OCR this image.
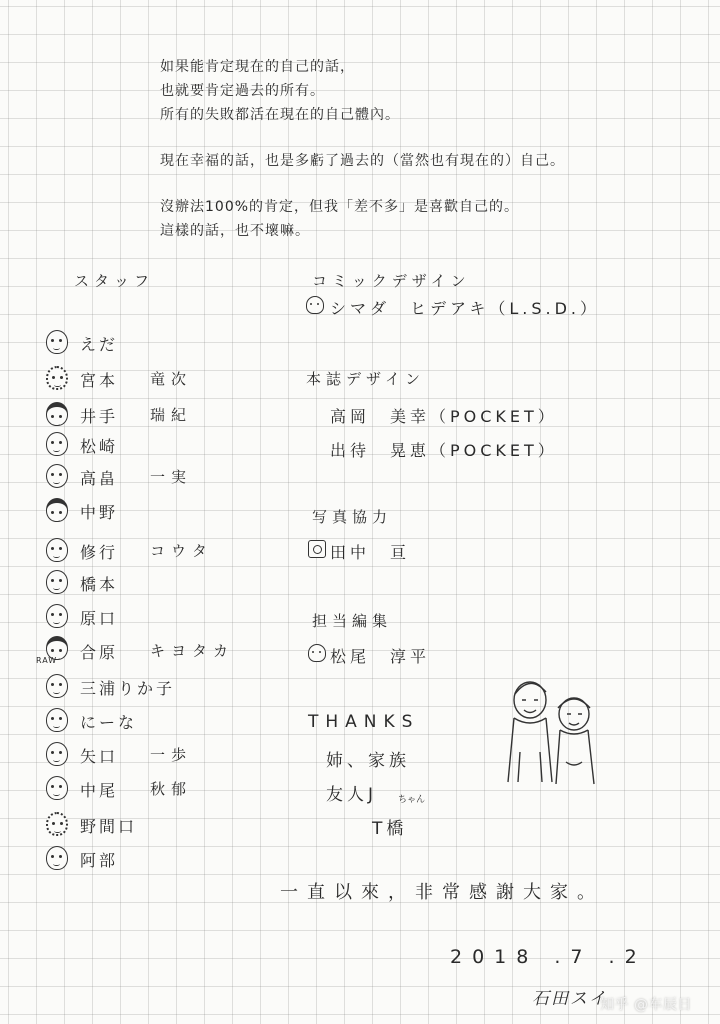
如果能肯定現在的自己的話，
也就要肯定過去的所有。
所有的失敗都活在現在的自己體內。
現在幸福的話，也是多虧了過去的（當然也有現在的）自己。
沒辦法100%的肯定，但我「差不多」是喜歡自己的。
這樣的話，也不壞嘛。
スタッフ
えだ
宮本 竜次
井手 瑞紀
松崎
高畠 一実
中野
修行 コウタ
橋本
原口
RAW 合原 キヨタカ
三浦りか子
にーな
矢口 一歩
中尾 秋郁
野間口
阿部
コミックデザイン
シマダ　ヒデアキ（L.S.D.）
本誌デザイン
高岡　美幸（POCKET）
出待　晃恵（POCKET）
写真協力
田中　亘
担当編集
松尾　淳平
THANKS
姉、家族
友人J ちゃん
T橋
一直以來，非常感謝大家。
2018 .7 .2
石田スイ
知乎 @车辰日
